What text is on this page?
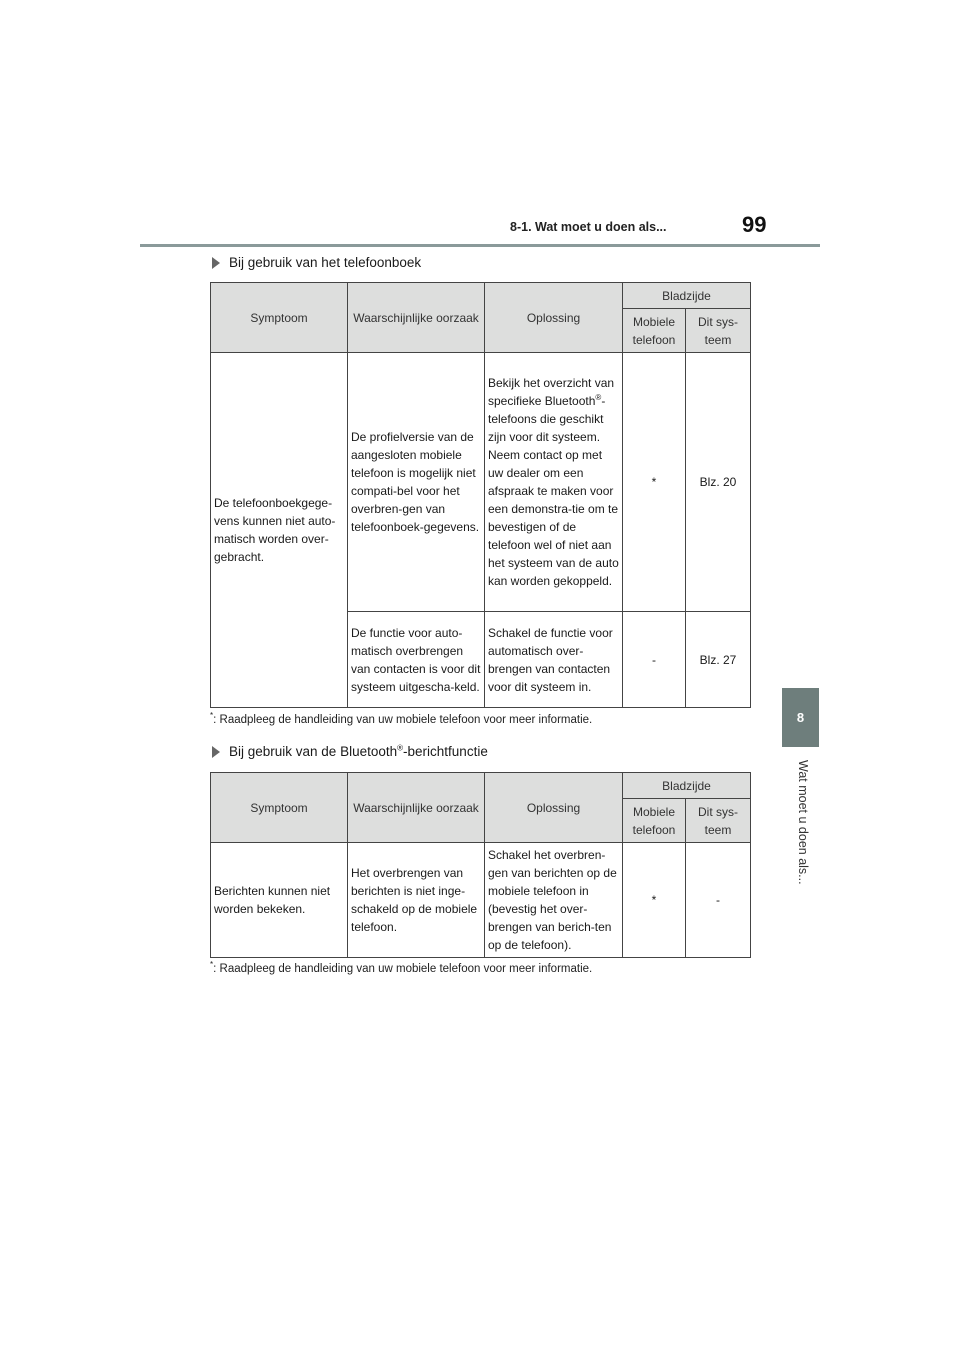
8-1. Wat moet u doen als...	99
8
Wat moet u doen als...
Bij gebruik van het telefoonboek
Symptoom	Waarschijnlijke oorzaak	Oplossing	Bladzijde	
			Mobiele telefoon	Dit sys-teem
De telefoonboekgege-vens kunnen niet auto-matisch worden over-gebracht.	De profielversie van de aangesloten mobiele telefoon is mogelijk niet compati-bel voor het overbren-gen van telefoonboek-gegevens.	Bekijk het overzicht van specifieke Bluetooth®-telefoons die geschikt zijn voor dit systeem. Neem contact op met uw dealer om een afspraak te maken voor een demonstra-tie om te bevestigen of de telefoon wel of niet aan het systeem van de auto kan worden gekoppeld.	*	Blz. 20
	De functie voor auto-matisch overbrengen van contacten is voor dit systeem uitgescha-keld.	Schakel de functie voor automatisch over-brengen van contacten voor dit systeem in.	-	Blz. 27
*: Raadpleeg de handleiding van uw mobiele telefoon voor meer informatie.
Bij gebruik van de Bluetooth®-berichtfunctie
Symptoom	Waarschijnlijke oorzaak	Oplossing	Bladzijde	
			Mobiele telefoon	Dit sys-teem
Berichten kunnen niet worden bekeken.	Het overbrengen van berichten is niet inge-schakeld op de mobiele telefoon.	Schakel het overbren-gen van berichten op de mobiele telefoon in (bevestig het over-brengen van berich-ten op de telefoon).	*	-
*: Raadpleeg de handleiding van uw mobiele telefoon voor meer informatie.
